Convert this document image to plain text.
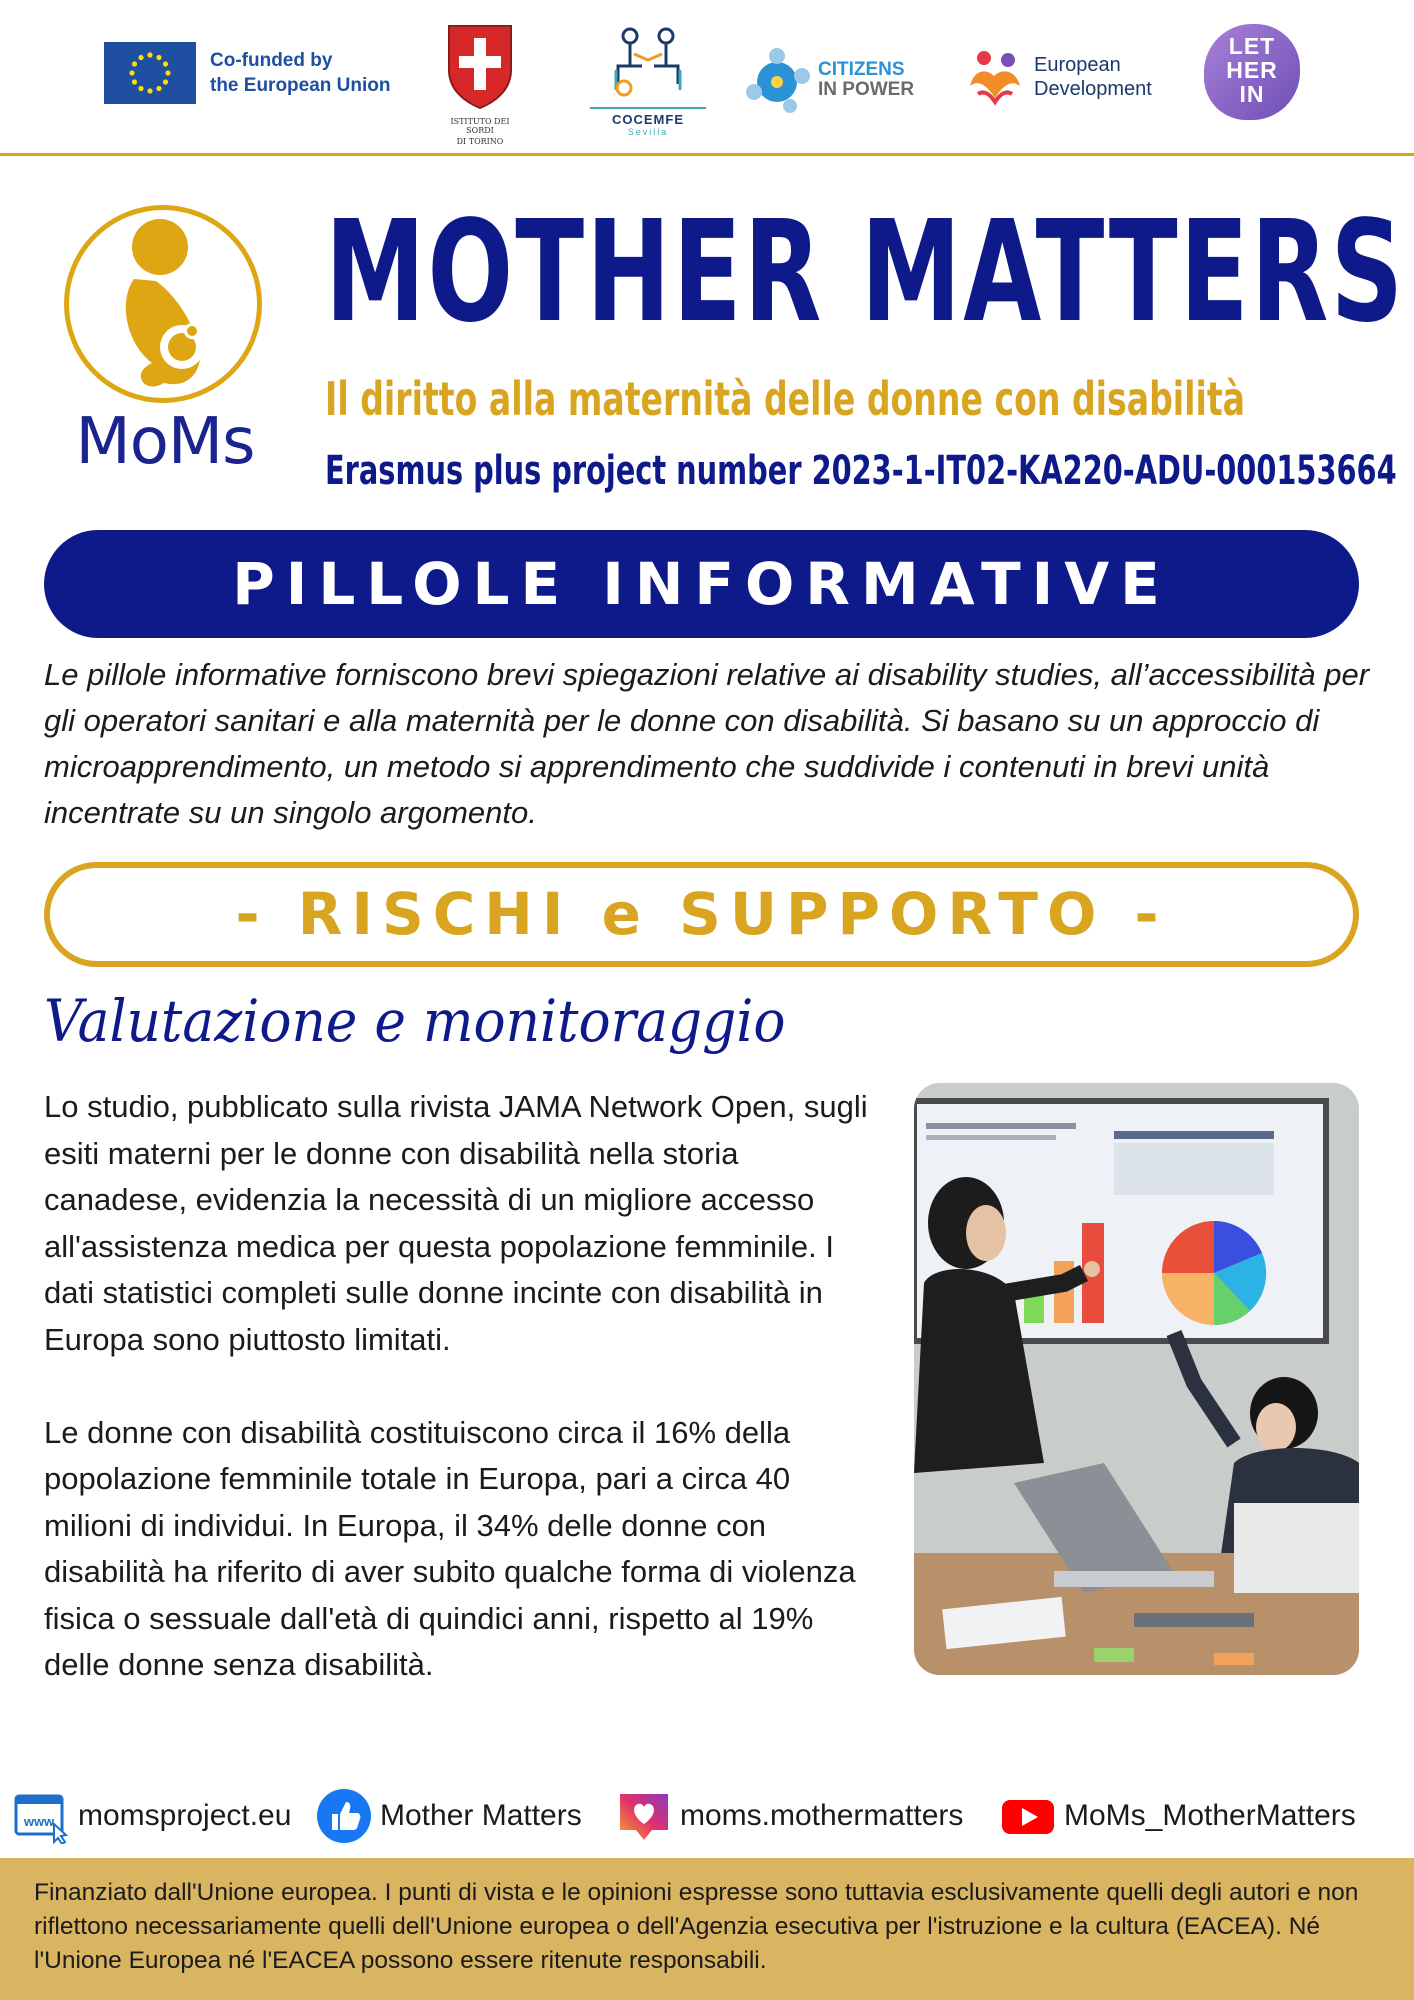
Co-funded by
the European Union
ISTITUTO DEI SORDI
DI TORINO
COCEMFE
Sevilla
CITIZENS
IN POWER
European
Development
LET
HER
IN
MoMs
MOTHER MATTERS
Il diritto alla maternità delle donne con disabilità
Erasmus plus project number 2023-1-IT02-KA220-ADU-000153664
PILLOLE INFORMATIVE
Le pillole informative forniscono brevi spiegazioni relative ai disability studies, all’accessibilità per gli operatori sanitari e alla maternità per le donne con disabilità. Si basano su un approccio di microapprendimento, un metodo si apprendimento che suddivide i contenuti in brevi unità incentrate su un singolo argomento.
- RISCHI e SUPPORTO -
Valutazione e monitoraggio

Lo studio, pubblicato sulla rivista JAMA Network Open, sugli esiti materni per le donne con disabilità nella storia canadese, evidenzia la necessità di un migliore accesso all'assistenza medica per questa popolazione femminile. I dati statistici completi sulle donne incinte con disabilità in Europa sono piuttosto limitati.

Le donne con disabilità costituiscono circa il 16% della popolazione femminile totale in Europa, pari a circa 40 milioni di individui. In Europa, il 34% delle donne con disabilità ha riferito di aver subito qualche forma di violenza fisica o sessuale dall'età di quindici anni, rispetto al 19% delle donne senza disabilità.

www momsproject.eu	Mother Matters	moms.mothermatters	MoMs_MotherMatters
Finanziato dall'Unione europea. I punti di vista e le opinioni espresse sono tuttavia esclusivamente quelli degli autori e non riflettono necessariamente quelli dell'Unione europea o dell'Agenzia esecutiva per l'istruzione e la cultura (EACEA). Né l'Unione Europea né l'EACEA possono essere ritenute responsabili.
